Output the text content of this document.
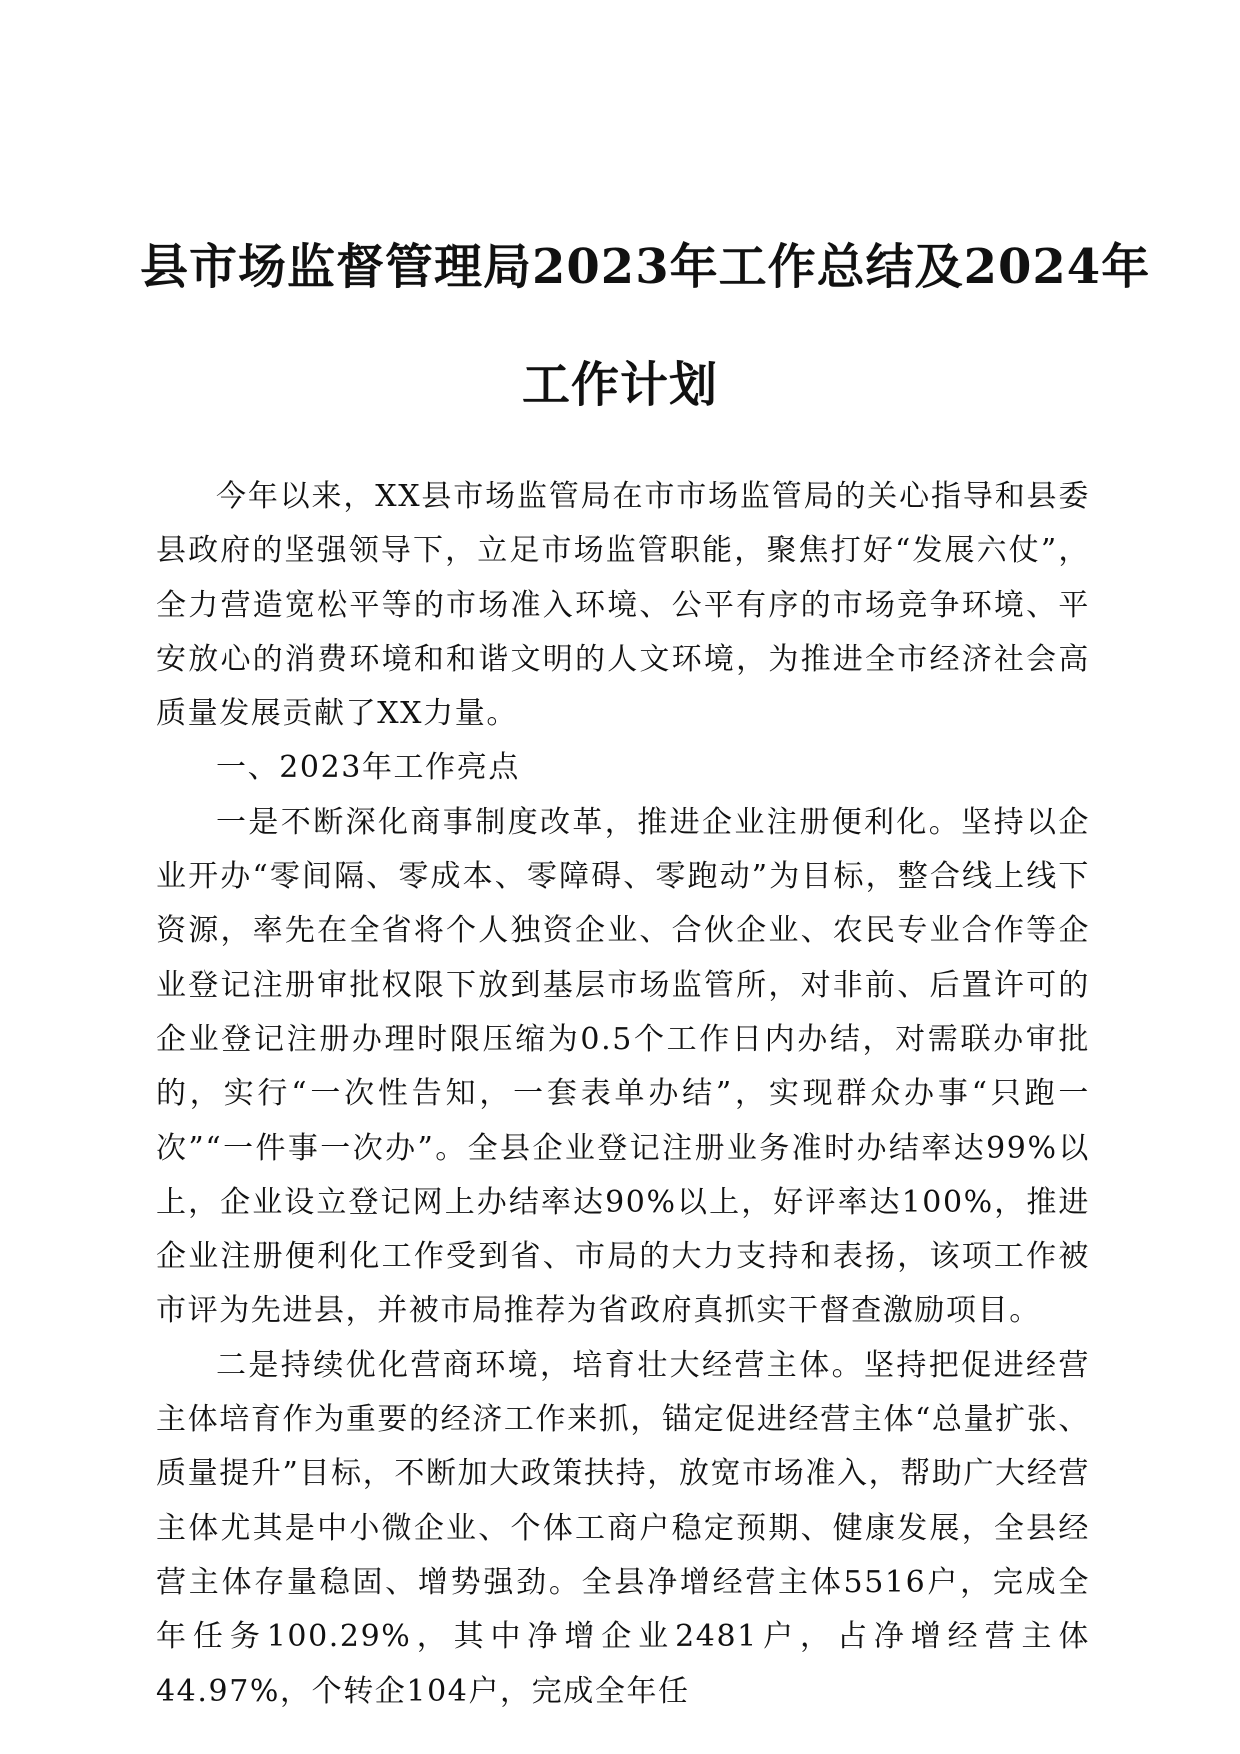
县市场监督管理局2023年工作总结及2024年
工作计划

今年以来，XX县市场监管局在市市场监管局的关心指导和县委县政府的坚强领导下，立足市场监管职能，聚焦打好“发展六仗”，全力营造宽松平等的市场准入环境、公平有序的市场竞争环境、平安放心的消费环境和和谐文明的人文环境，为推进全市经济社会高质量发展贡献了XX力量。

一、2023年工作亮点

一是不断深化商事制度改革，推进企业注册便利化。坚持以企业开办“零间隔、零成本、零障碍、零跑动”为目标，整合线上线下资源，率先在全省将个人独资企业、合伙企业、农民专业合作等企业登记注册审批权限下放到基层市场监管所，对非前、后置许可的企业登记注册办理时限压缩为0.5个工作日内办结，对需联办审批的，实行“一次性告知，一套表单办结”，实现群众办事“只跑一次”“一件事一次办”。全县企业登记注册业务准时办结率达99%以上，企业设立登记网上办结率达90%以上，好评率达100%，推进企业注册便利化工作受到省、市局的大力支持和表扬，该项工作被市评为先进县，并被市局推荐为省政府真抓实干督查激励项目。

二是持续优化营商环境，培育壮大经营主体。坚持把促进经营主体培育作为重要的经济工作来抓，锚定促进经营主体“总量扩张、质量提升”目标，不断加大政策扶持，放宽市场准入，帮助广大经营主体尤其是中小微企业、个体工商户稳定预期、健康发展，全县经营主体存量稳固、增势强劲。全县净增经营主体5516户，完成全年任务100.29%，其中净增企业2481户，占净增经营主体44.97%，个转企104户，完成全年任
